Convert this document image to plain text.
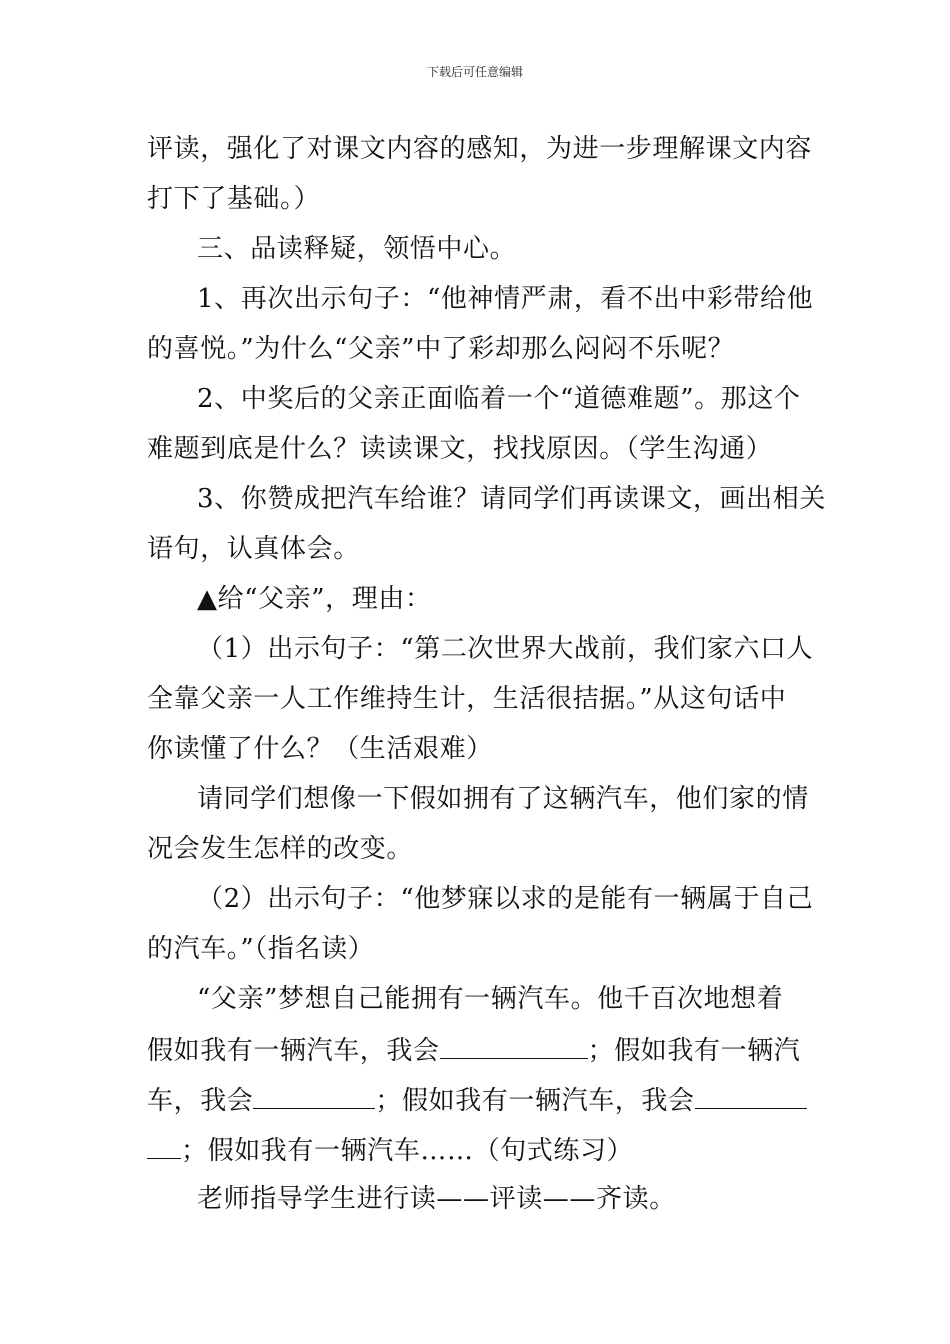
下载后可任意编辑
评读，强化了对课文内容的感知，为进一步理解课文内容
打下了基础。）
三、品读释疑，领悟中心。
1、再次出示句子：“他神情严肃，看不出中彩带给他
的喜悦。”为什么“父亲”中了彩却那么闷闷不乐呢？
2、中奖后的父亲正面临着一个“道德难题”。那这个
难题到底是什么？读读课文，找找原因。（学生沟通）
3、你赞成把汽车给谁？请同学们再读课文，画出相关
语句，认真体会。
▲给“父亲”，理由：
（1）出示句子：“第二次世界大战前，我们家六口人
全靠父亲一人工作维持生计，生活很拮据。”从这句话中
你读懂了什么？（生活艰难）
请同学们想像一下假如拥有了这辆汽车，他们家的情
况会发生怎样的改变。
（2）出示句子：“他梦寐以求的是能有一辆属于自己
的汽车。”（指名读）
“父亲”梦想自己能拥有一辆汽车。他千百次地想着
假如我有一辆汽车，我会	；假如我有一辆汽
车，我会	；假如我有一辆汽车，我会
；假如我有一辆汽车……（句式练习）
老师指导学生进行读——评读——齐读。
